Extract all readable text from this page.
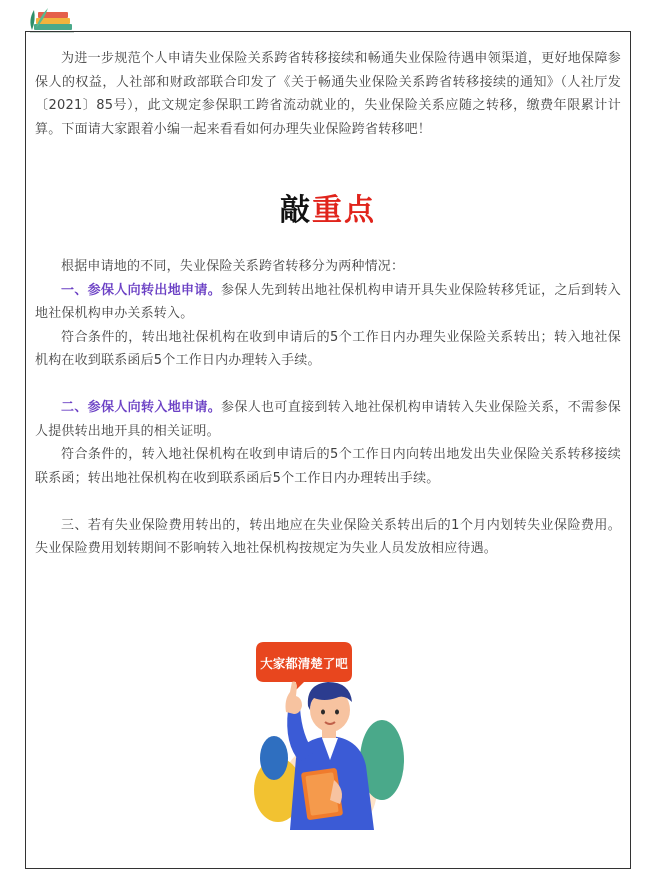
为进一步规范个人申请失业保险关系跨省转移接续和畅通失业保险待遇申领渠道，更好地保障参保人的权益，人社部和财政部联合印发了《关于畅通失业保险关系跨省转移接续的通知》（人社厅发〔2021〕85号），此文规定参保职工跨省流动就业的，失业保险关系应随之转移，缴费年限累计计算。下面请大家跟着小编一起来看看如何办理失业保险跨省转移吧！

敲重点

根据申请地的不同，失业保险关系跨省转移分为两种情况：

一、参保人向转出地申请。参保人先到转出地社保机构申请开具失业保险转移凭证，之后到转入地社保机构申办关系转入。

符合条件的，转出地社保机构在收到申请后的5个工作日内办理失业保险关系转出；转入地社保机构在收到联系函后5个工作日内办理转入手续。

二、参保人向转入地申请。参保人也可直接到转入地社保机构申请转入失业保险关系，不需参保人提供转出地开具的相关证明。

符合条件的，转入地社保机构在收到申请后的5个工作日内向转出地发出失业保险关系转移接续联系函；转出地社保机构在收到联系函后5个工作日内办理转出手续。

三、若有失业保险费用转出的，转出地应在失业保险关系转出后的1个月内划转失业保险费用。失业保险费用划转期间不影响转入地社保机构按规定为失业人员发放相应待遇。

大家都清楚了吧
